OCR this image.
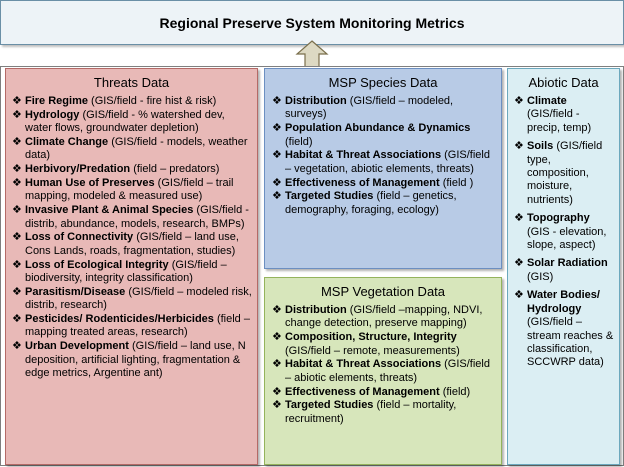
Regional Preserve System Monitoring Metrics
Threats Data
❖ Fire Regime (GIS/field - fire hist & risk)
❖ Hydrology (GIS/field - % watershed dev, water flows, groundwater depletion)
❖ Climate Change (GIS/field - models, weather data)
❖ Herbivory/Predation (field – predators)
❖ Human Use of Preserves (GIS/field – trail mapping, modeled & measured use)
❖ Invasive Plant & Animal Species (GIS/field - distrib, abundance, models, research, BMPs)
❖ Loss of Connectivity (GIS/field – land use, Cons Lands, roads, fragmentation, studies)
❖ Loss of Ecological Integrity (GIS/field – biodiversity, integrity classification)
❖ Parasitism/Disease (GIS/field – modeled risk, distrib, research)
❖ Pesticides/ Rodenticides/Herbicides (field – mapping treated areas, research)
❖ Urban Development (GIS/field – land use, N deposition, artificial lighting, fragmentation & edge metrics, Argentine ant)
MSP Species Data
❖ Distribution (GIS/field – modeled, surveys)
❖ Population Abundance & Dynamics (field)
❖ Habitat & Threat Associations (GIS/field – vegetation, abiotic elements, threats)
❖ Effectiveness of Management (field )
❖ Targeted Studies (field – genetics, demography, foraging, ecology)
MSP Vegetation Data
❖ Distribution (GIS/field –mapping, NDVI, change detection, preserve mapping)
❖ Composition, Structure, Integrity (GIS/field – remote, measurements)
❖ Habitat & Threat Associations (GIS/field – abiotic elements, threats)
❖ Effectiveness of Management (field)
❖ Targeted Studies (field – mortality, recruitment)
Abiotic Data
❖ Climate (GIS/field - precip, temp)
❖ Soils (GIS/field type, composition, moisture, nutrients)
❖ Topography (GIS - elevation, slope, aspect)
❖ Solar Radiation (GIS)
❖ Water Bodies/ Hydrology (GIS/field – stream reaches & classification, SCCWRP data)
